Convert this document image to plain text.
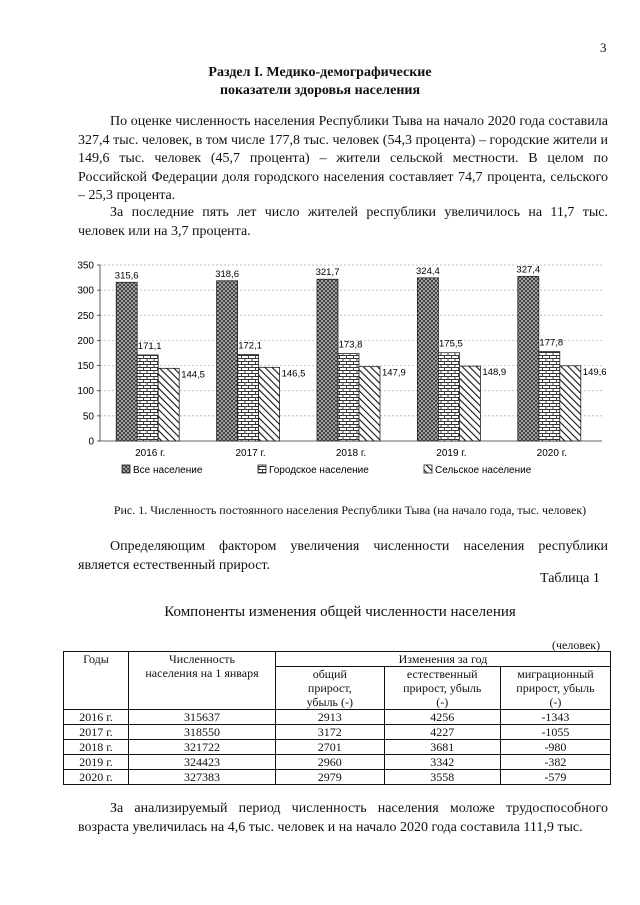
3
Раздел I. Медико-демографические
показатели здоровья населения
По оценке численность населения Республики Тыва на начало 2020 года составила 327,4 тыс. человек, в том числе 177,8 тыс. человек (54,3 процента) – городские жители и 149,6 тыс. человек (45,7 процента) – жители сельской местности. В целом по Российской Федерации доля городского населения составляет 74,7 процента, сельского – 25,3 процента.
За последние пять лет число жителей республики увеличилось на 11,7 тыс. человек или на 3,7 процента.
0
50
100
150
200
250
300
350
315,6
171,1
144,5
2016 г.
318,6
172,1
146,5
2017 г.
321,7
173,8
147,9
2018 г.
324,4
175,5
148,9
2019 г.
327,4
177,8
149,6
2020 г.
Все население	Городское население	Сельское население
Рис. 1. Численность постоянного населения Республики Тыва (на начало года, тыс. человек)
Определяющим фактором увеличения численности населения республики является естественный прирост.
Таблица 1
Компоненты изменения общей численности населения
(человек)
Годы	Численность населения на 1 января	Изменения за год		
		общий прирост, убыль (-)	естественный прирост, убыль (-)	миграционный прирост, убыль (-)
2016 г.	315637	2913	4256	-1343
2017 г.	318550	3172	4227	-1055
2018 г.	321722	2701	3681	-980
2019 г.	324423	2960	3342	-382
2020 г.	327383	2979	3558	-579
За анализируемый период численность населения моложе трудоспособного возраста увеличилась на 4,6 тыс. человек и на начало 2020 года составила 111,9 тыс.
